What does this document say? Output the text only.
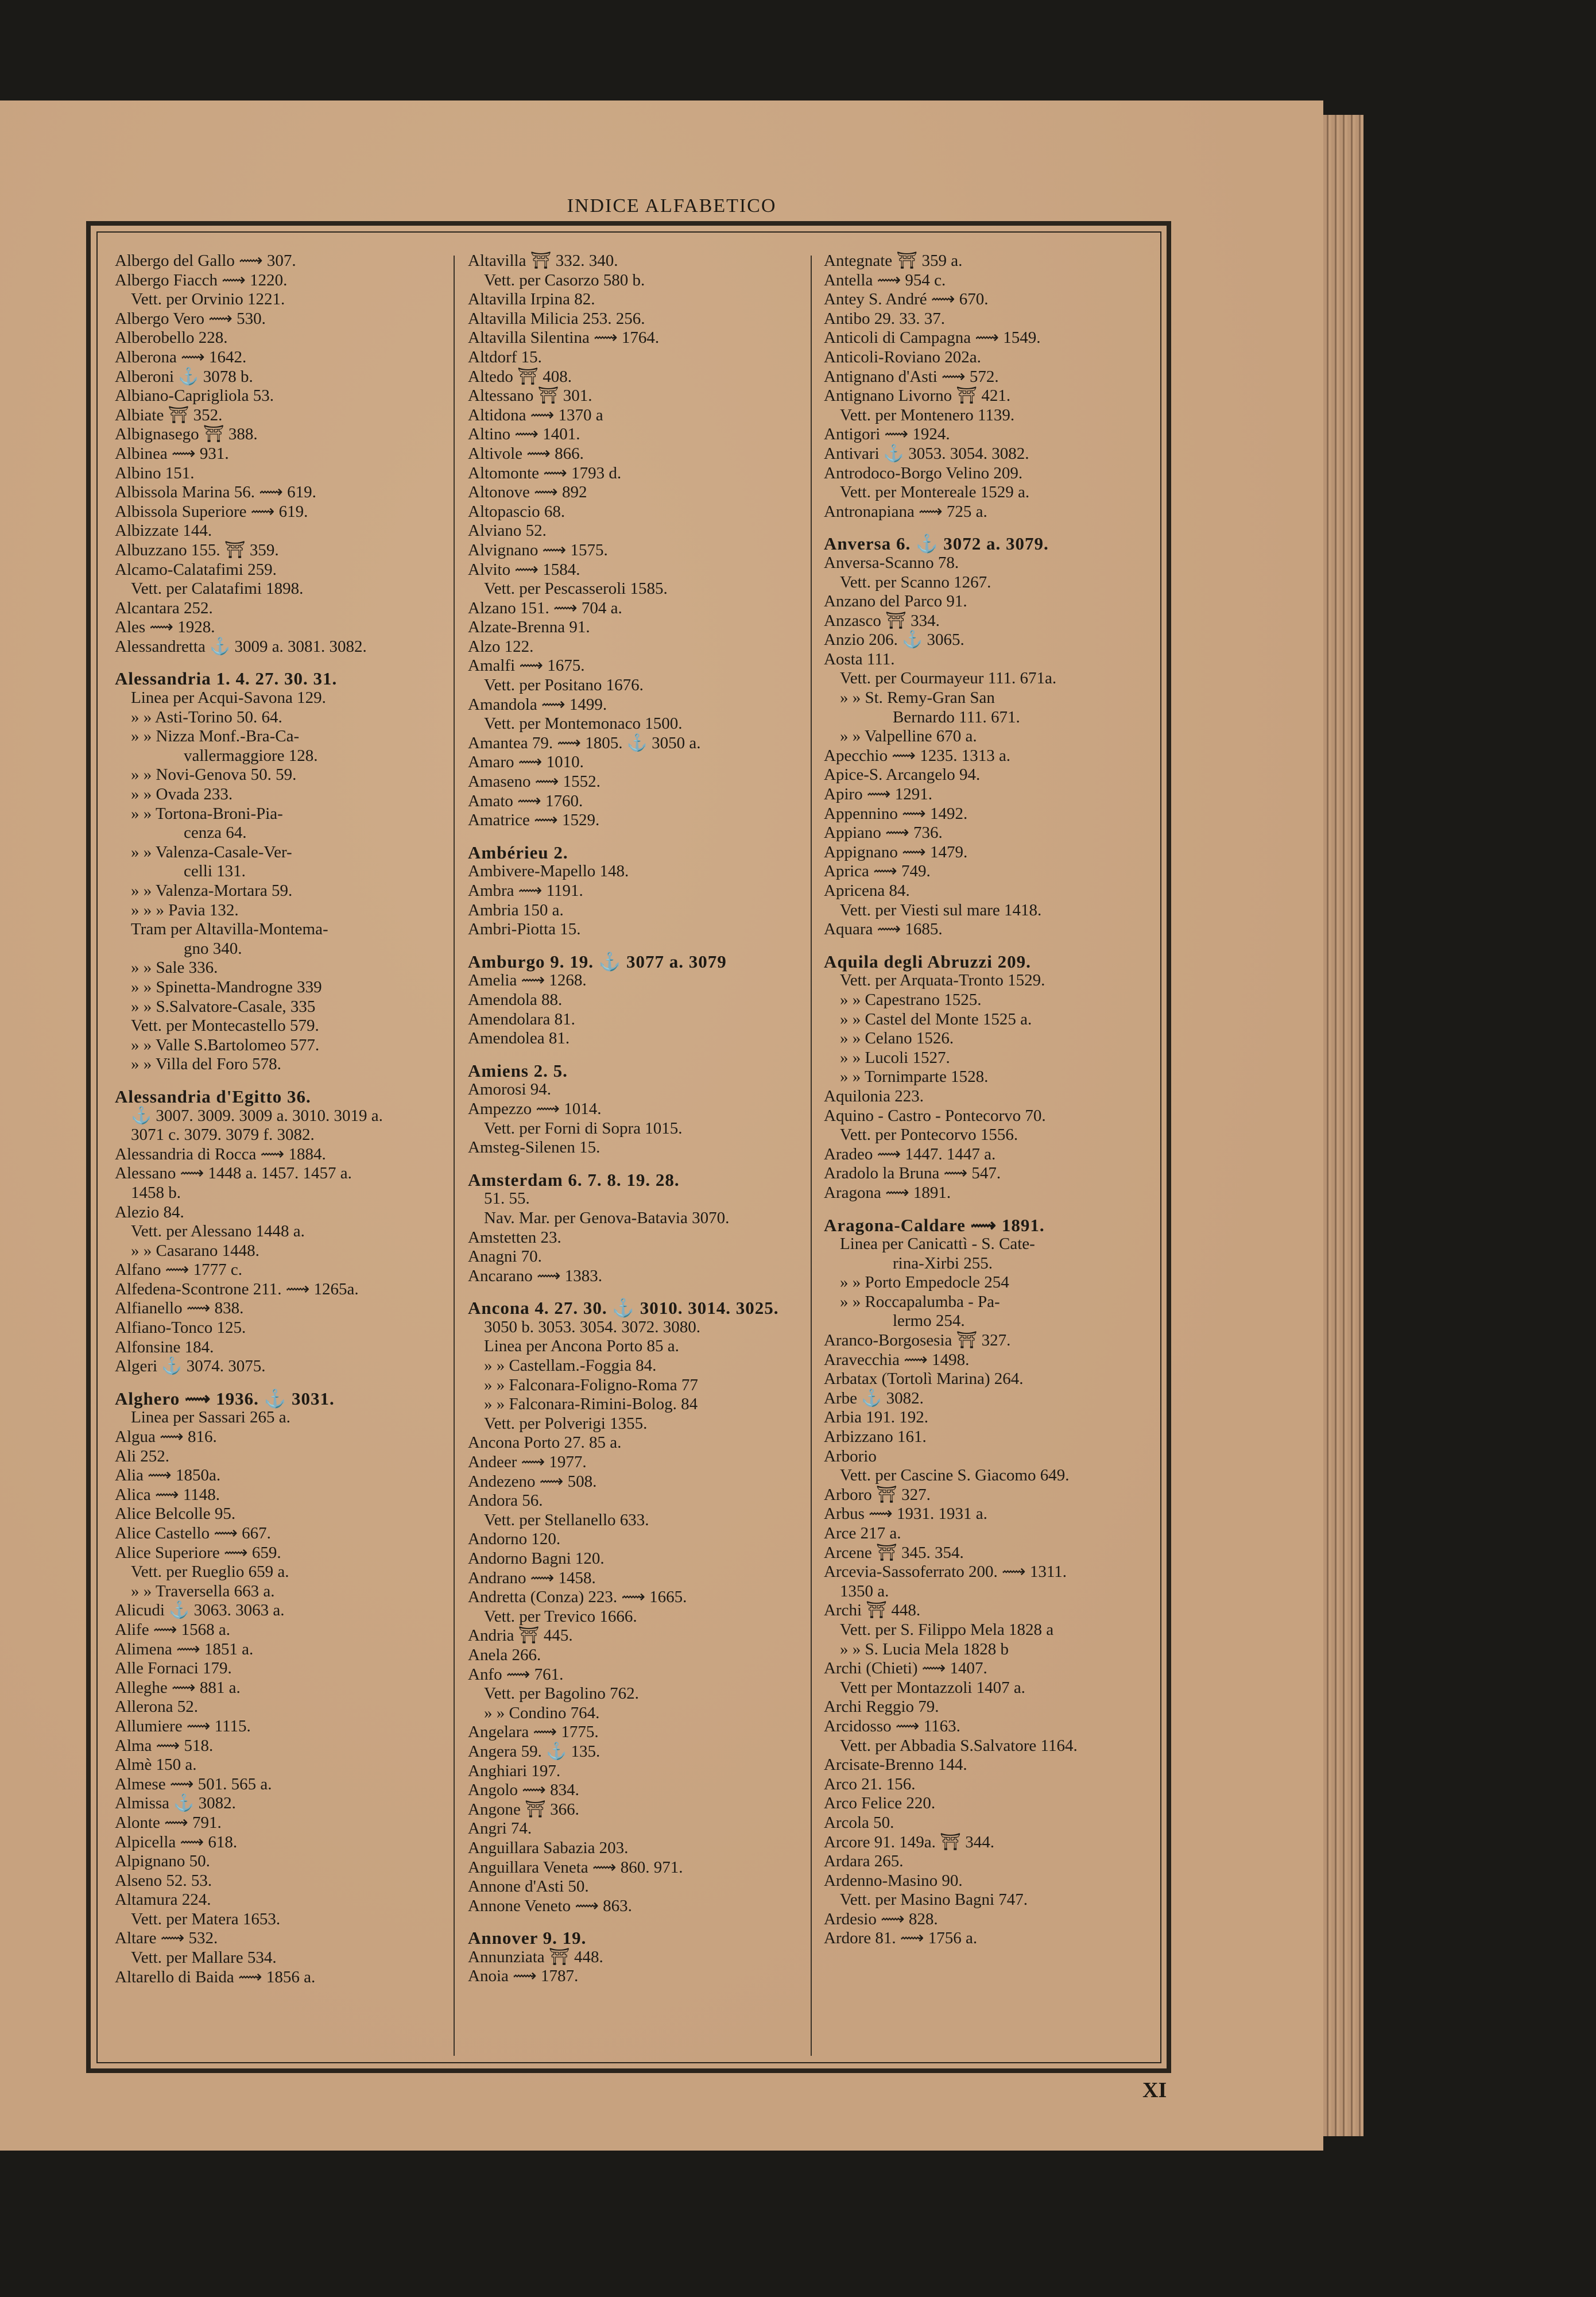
INDICE ALFABETICO
Albergo del Gallo ⟿ 307.
Albergo Fiacch ⟿ 1220.
Vett. per Orvinio 1221.
Albergo Vero ⟿ 530.
Alberobello 228.
Alberona ⟿ 1642.
Alberoni ⚓ 3078 b.
Albiano-Caprigliola 53.
Albiate ⛩ 352.
Albignasego ⛩ 388.
Albinea ⟿ 931.
Albino 151.
Albissola Marina 56. ⟿ 619.
Albissola Superiore ⟿ 619.
Albizzate 144.
Albuzzano 155. ⛩ 359.
Alcamo-Calatafimi 259.
Vett. per Calatafimi 1898.
Alcantara 252.
Ales ⟿ 1928.
Alessandretta ⚓ 3009 a. 3081. 3082.
Alessandria 1. 4. 27. 30. 31.
Linea per Acqui-Savona 129.
» » Asti-Torino 50. 64.
» » Nizza Monf.-Bra-Ca-
vallermaggiore 128.
» » Novi-Genova 50. 59.
» » Ovada 233.
» » Tortona-Broni-Pia-
cenza 64.
» » Valenza-Casale-Ver-
celli 131.
» » Valenza-Mortara 59.
» » » Pavia 132.
Tram per Altavilla-Montema-
gno 340.
» » Sale 336.
» » Spinetta-Mandrogne 339
» » S.Salvatore-Casale, 335
Vett. per Montecastello 579.
» » Valle S.Bartolomeo 577.
» » Villa del Foro 578.
Alessandria d'Egitto 36.
⚓ 3007. 3009. 3009 a. 3010. 3019 a.
3071 c. 3079. 3079 f. 3082.
Alessandria di Rocca ⟿ 1884.
Alessano ⟿ 1448 a. 1457. 1457 a.
1458 b.
Alezio 84.
Vett. per Alessano 1448 a.
» » Casarano 1448.
Alfano ⟿ 1777 c.
Alfedena-Scontrone 211. ⟿ 1265a.
Alfianello ⟿ 838.
Alfiano-Tonco 125.
Alfonsine 184.
Algeri ⚓ 3074. 3075.
Alghero ⟿ 1936. ⚓ 3031.
Linea per Sassari 265 a.
Algua ⟿ 816.
Ali 252.
Alia ⟿ 1850a.
Alica ⟿ 1148.
Alice Belcolle 95.
Alice Castello ⟿ 667.
Alice Superiore ⟿ 659.
Vett. per Rueglio 659 a.
» » Traversella 663 a.
Alicudi ⚓ 3063. 3063 a.
Alife ⟿ 1568 a.
Alimena ⟿ 1851 a.
Alle Fornaci 179.
Alleghe ⟿ 881 a.
Allerona 52.
Allumiere ⟿ 1115.
Alma ⟿ 518.
Almè 150 a.
Almese ⟿ 501. 565 a.
Almissa ⚓ 3082.
Alonte ⟿ 791.
Alpicella ⟿ 618.
Alpignano 50.
Alseno 52. 53.
Altamura 224.
Vett. per Matera 1653.
Altare ⟿ 532.
Vett. per Mallare 534.
Altarello di Baida ⟿ 1856 a.
Altavilla ⛩ 332. 340.
Vett. per Casorzo 580 b.
Altavilla Irpina 82.
Altavilla Milicia 253. 256.
Altavilla Silentina ⟿ 1764.
Altdorf 15.
Altedo ⛩ 408.
Altessano ⛩ 301.
Altidona ⟿ 1370 a
Altino ⟿ 1401.
Altivole ⟿ 866.
Altomonte ⟿ 1793 d.
Altonove ⟿ 892
Altopascio 68.
Alviano 52.
Alvignano ⟿ 1575.
Alvito ⟿ 1584.
Vett. per Pescasseroli 1585.
Alzano 151. ⟿ 704 a.
Alzate-Brenna 91.
Alzo 122.
Amalfi ⟿ 1675.
Vett. per Positano 1676.
Amandola ⟿ 1499.
Vett. per Montemonaco 1500.
Amantea 79. ⟿ 1805. ⚓ 3050 a.
Amaro ⟿ 1010.
Amaseno ⟿ 1552.
Amato ⟿ 1760.
Amatrice ⟿ 1529.
Ambérieu 2.
Ambivere-Mapello 148.
Ambra ⟿ 1191.
Ambria 150 a.
Ambri-Piotta 15.
Amburgo 9. 19. ⚓ 3077 a. 3079
Amelia ⟿ 1268.
Amendola 88.
Amendolara 81.
Amendolea 81.
Amiens 2. 5.
Amorosi 94.
Ampezzo ⟿ 1014.
Vett. per Forni di Sopra 1015.
Amsteg-Silenen 15.
Amsterdam 6. 7. 8. 19. 28.
51. 55.
Nav. Mar. per Genova-Batavia 3070.
Amstetten 23.
Anagni 70.
Ancarano ⟿ 1383.
Ancona 4. 27. 30. ⚓ 3010. 3014. 3025.
3050 b. 3053. 3054. 3072. 3080.
Linea per Ancona Porto 85 a.
» » Castellam.-Foggia 84.
» » Falconara-Foligno-Roma 77
» » Falconara-Rimini-Bolog. 84
Vett. per Polverigi 1355.
Ancona Porto 27. 85 a.
Andeer ⟿ 1977.
Andezeno ⟿ 508.
Andora 56.
Vett. per Stellanello 633.
Andorno 120.
Andorno Bagni 120.
Andrano ⟿ 1458.
Andretta (Conza) 223. ⟿ 1665.
Vett. per Trevico 1666.
Andria ⛩ 445.
Anela 266.
Anfo ⟿ 761.
Vett. per Bagolino 762.
» » Condino 764.
Angelara ⟿ 1775.
Angera 59. ⚓ 135.
Anghiari 197.
Angolo ⟿ 834.
Angone ⛩ 366.
Angri 74.
Anguillara Sabazia 203.
Anguillara Veneta ⟿ 860. 971.
Annone d'Asti 50.
Annone Veneto ⟿ 863.
Annover 9. 19.
Annunziata ⛩ 448.
Anoia ⟿ 1787.
Antegnate ⛩ 359 a.
Antella ⟿ 954 c.
Antey S. André ⟿ 670.
Antibo 29. 33. 37.
Anticoli di Campagna ⟿ 1549.
Anticoli-Roviano 202a.
Antignano d'Asti ⟿ 572.
Antignano Livorno ⛩ 421.
Vett. per Montenero 1139.
Antigori ⟿ 1924.
Antivari ⚓ 3053. 3054. 3082.
Antrodoco-Borgo Velino 209.
Vett. per Montereale 1529 a.
Antronapiana ⟿ 725 a.
Anversa 6. ⚓ 3072 a. 3079.
Anversa-Scanno 78.
Vett. per Scanno 1267.
Anzano del Parco 91.
Anzasco ⛩ 334.
Anzio 206. ⚓ 3065.
Aosta 111.
Vett. per Courmayeur 111. 671a.
» » St. Remy-Gran San
Bernardo 111. 671.
» » Valpelline 670 a.
Apecchio ⟿ 1235. 1313 a.
Apice-S. Arcangelo 94.
Apiro ⟿ 1291.
Appennino ⟿ 1492.
Appiano ⟿ 736.
Appignano ⟿ 1479.
Aprica ⟿ 749.
Apricena 84.
Vett. per Viesti sul mare 1418.
Aquara ⟿ 1685.
Aquila degli Abruzzi 209.
Vett. per Arquata-Tronto 1529.
» » Capestrano 1525.
» » Castel del Monte 1525 a.
» » Celano 1526.
» » Lucoli 1527.
» » Tornimparte 1528.
Aquilonia 223.
Aquino - Castro - Pontecorvo 70.
Vett. per Pontecorvo 1556.
Aradeo ⟿ 1447. 1447 a.
Aradolo la Bruna ⟿ 547.
Aragona ⟿ 1891.
Aragona-Caldare ⟿ 1891.
Linea per Canicattì - S. Cate-
rina-Xirbi 255.
» » Porto Empedocle 254
» » Roccapalumba - Pa-
lermo 254.
Aranco-Borgosesia ⛩ 327.
Aravecchia ⟿ 1498.
Arbatax (Tortolì Marina) 264.
Arbe ⚓ 3082.
Arbia 191. 192.
Arbizzano 161.
Arborio
Vett. per Cascine S. Giacomo 649.
Arboro ⛩ 327.
Arbus ⟿ 1931. 1931 a.
Arce 217 a.
Arcene ⛩ 345. 354.
Arcevia-Sassoferrato 200. ⟿ 1311.
1350 a.
Archi ⛩ 448.
Vett. per S. Filippo Mela 1828 a
» » S. Lucia Mela 1828 b
Archi (Chieti) ⟿ 1407.
Vett per Montazzoli 1407 a.
Archi Reggio 79.
Arcidosso ⟿ 1163.
Vett. per Abbadia S.Salvatore 1164.
Arcisate-Brenno 144.
Arco 21. 156.
Arco Felice 220.
Arcola 50.
Arcore 91. 149a. ⛩ 344.
Ardara 265.
Ardenno-Masino 90.
Vett. per Masino Bagni 747.
Ardesio ⟿ 828.
Ardore 81. ⟿ 1756 a.
XI
